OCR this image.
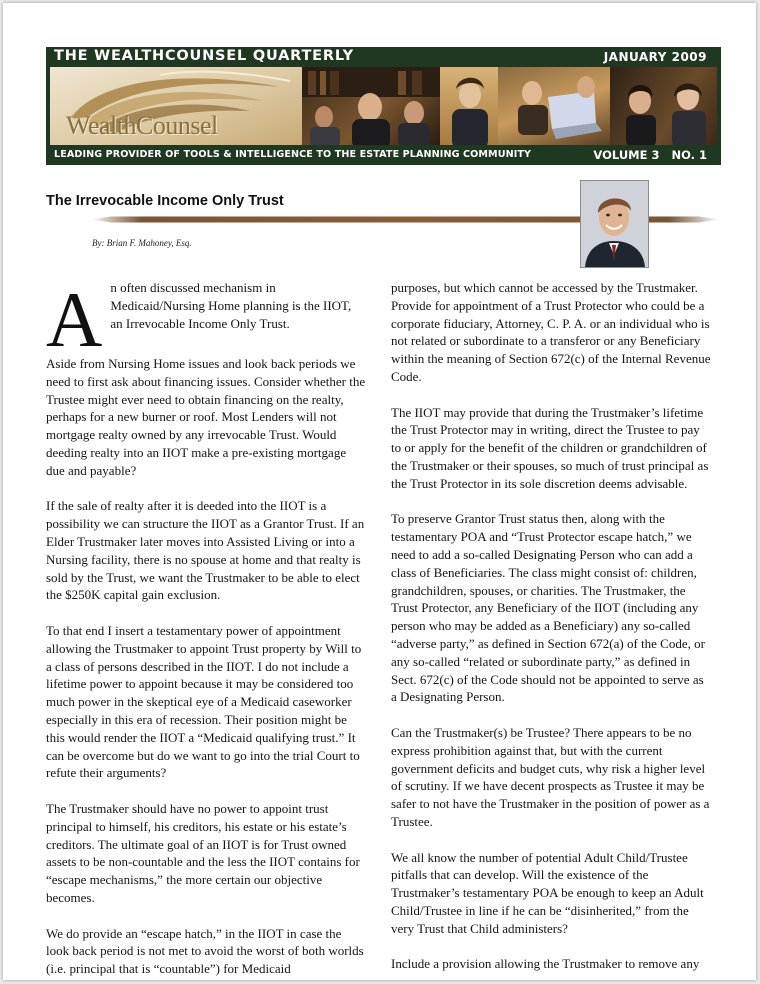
THE WEALTHCOUNSEL QUARTERLY	JANUARY 2009
WealthCounsel
LEADING PROVIDER OF TOOLS & INTELLIGENCE TO THE ESTATE PLANNING COMMUNITY	VOLUME 3   NO. 1
The Irrevocable Income Only Trust
By: Brian F. Mahoney, Esq.

An often discussed mechanism in Medicaid/Nursing Home planning is the IIOT, an Irrevocable Income Only Trust.

Aside from Nursing Home issues and look back periods we need to first ask about financing issues. Consider whether the Trustee might ever need to obtain financing on the realty, perhaps for a new burner or roof. Most Lenders will not mortgage realty owned by any irrevocable Trust. Would deeding realty into an IIOT make a pre-existing mortgage due and payable?

If the sale of realty after it is deeded into the IIOT is a possibility we can structure the IIOT as a Grantor Trust. If an Elder Trustmaker later moves into Assisted Living or into a Nursing facility, there is no spouse at home and that realty is sold by the Trust, we want the Trustmaker to be able to elect the $250K capital gain exclusion.

To that end I insert a testamentary power of appointment allowing the Trustmaker to appoint Trust property by Will to a class of persons described in the IIOT. I do not include a lifetime power to appoint because it may be considered too much power in the skeptical eye of a Medicaid caseworker especially in this era of recession. Their position might be this would render the IIOT a “Medicaid qualifying trust.” It can be overcome but do we want to go into the trial Court to refute their arguments?

The Trustmaker should have no power to appoint trust principal to himself, his creditors, his estate or his estate’s creditors. The ultimate goal of an IIOT is for Trust owned assets to be non-countable and the less the IIOT contains for “escape mechanisms,” the more certain our objective becomes.

We do provide an “escape hatch,” in the IIOT in case the look back period is not met to avoid the worst of both worlds (i.e. principal that is “countable”) for Medicaid

purposes, but which cannot be accessed by the Trustmaker. Provide for appointment of a Trust Protector who could be a corporate fiduciary, Attorney, C. P. A. or an individual who is not related or subordinate to a transferor or any Beneficiary within the meaning of Section 672(c) of the Internal Revenue Code.

The IIOT may provide that during the Trustmaker’s lifetime the Trust Protector may in writing, direct the Trustee to pay to or apply for the benefit of the children or grandchildren of the Trustmaker or their spouses, so much of trust principal as the Trust Protector in its sole discretion deems advisable.

To preserve Grantor Trust status then, along with the testamentary POA and “Trust Protector escape hatch,” we need to add a so-called Designating Person who can add a class of Beneficiaries. The class might consist of: children, grandchildren, spouses, or charities. The Trustmaker, the Trust Protector, any Beneficiary of the IIOT (including any person who may be added as a Beneficiary) any so-called “adverse party,” as defined in Section 672(a) of the Code, or any so-called “related or subordinate party,” as defined in Sect. 672(c) of the Code should not be appointed to serve as a Designating Person.

Can the Trustmaker(s) be Trustee? There appears to be no express prohibition against that, but with the current government deficits and budget cuts, why risk a higher level of scrutiny. If we have decent prospects as Trustee it may be safer to not have the Trustmaker in the position of power as a Trustee.

We all know the number of potential Adult Child/Trustee pitfalls that can develop. Will the existence of the Trustmaker’s testamentary POA be enough to keep an Adult Child/Trustee in line if he can be “disinherited,” from the very Trust that Child administers?

Include a provision allowing the Trustmaker to remove any
